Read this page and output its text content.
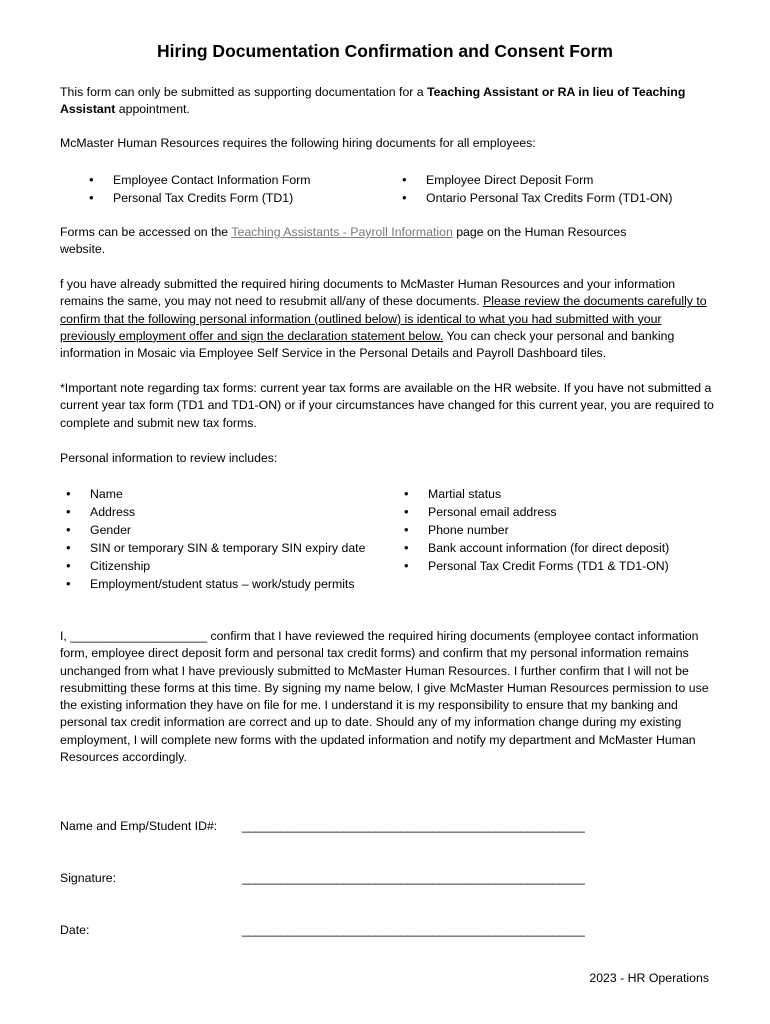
Hiring Documentation Confirmation and Consent Form
This form can only be submitted as supporting documentation for a Teaching Assistant or RA in lieu of Teaching Assistant appointment.
McMaster Human Resources requires the following hiring documents for all employees:
• Employee Contact Information Form
• Personal Tax Credits Form (TD1)
• Employee Direct Deposit Form
• Ontario Personal Tax Credits Form (TD1-ON)
Forms can be accessed on the Teaching Assistants - Payroll Information page on the Human Resources website.
f you have already submitted the required hiring documents to McMaster Human Resources and your information remains the same, you may not need to resubmit all/any of these documents. Please review the documents carefully to confirm that the following personal information (outlined below) is identical to what you had submitted with your previously employment offer and sign the declaration statement below. You can check your personal and banking information in Mosaic via Employee Self Service in the Personal Details and Payroll Dashboard tiles.
*Important note regarding tax forms: current year tax forms are available on the HR website. If you have not submitted a current year tax form (TD1 and TD1-ON) or if your circumstances have changed for this current year, you are required to complete and submit new tax forms.
Personal information to review includes:
• Name
• Address
• Gender
• SIN or temporary SIN & temporary SIN expiry date
• Citizenship
• Employment/student status – work/study permits
• Martial status
• Personal email address
• Phone number
• Bank account information (for direct deposit)
• Personal Tax Credit Forms (TD1 & TD1-ON)
I, ____________________ confirm that I have reviewed the required hiring documents (employee contact information form, employee direct deposit form and personal tax credit forms) and confirm that my personal information remains unchanged from what I have previously submitted to McMaster Human Resources. I further confirm that I will not be resubmitting these forms at this time. By signing my name below, I give McMaster Human Resources permission to use the existing information they have on file for me. I understand it is my responsibility to ensure that my banking and personal tax credit information are correct and up to date. Should any of my information change during my existing employment, I will complete new forms with the updated information and notify my department and McMaster Human Resources accordingly.
Name and Emp/Student ID#: ______________________________________________________
Signature:	______________________________________________________
Date:	______________________________________________________
2023 - HR Operations
